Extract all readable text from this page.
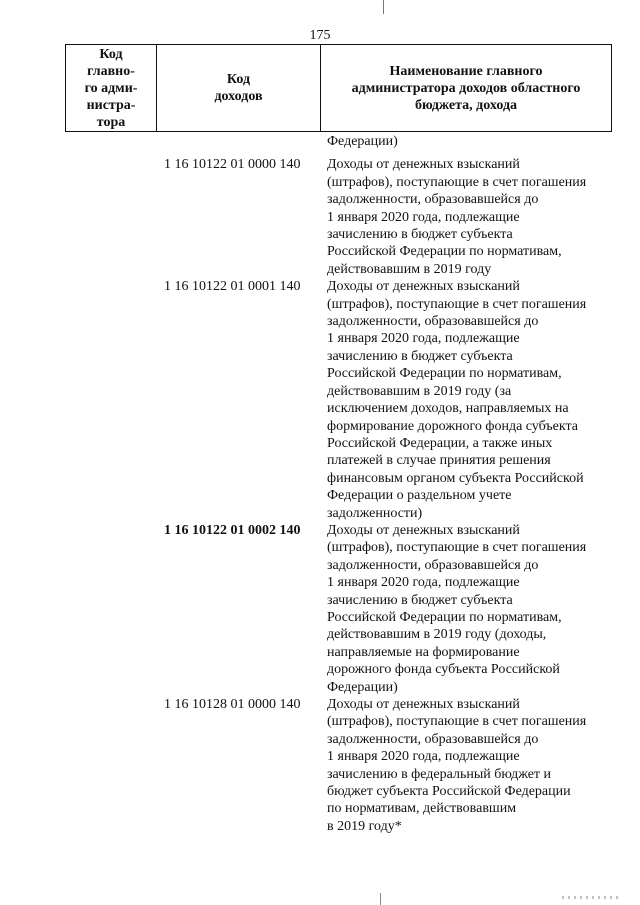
175
Код
главно-
го адми-
нистра-
тора

Код
доходов

Наименование главного
администратора доходов областного
бюджета, дохода
Федерации)
1 16 10122 01 0000 140	Доходы от денежных взысканий
(штрафов), поступающие в счет погашения
задолженности, образовавшейся до
1 января 2020 года, подлежащие
зачислению в бюджет субъекта
Российской Федерации по нормативам,
действовавшим в 2019 году
1 16 10122 01 0001 140	Доходы от денежных взысканий
(штрафов), поступающие в счет погашения
задолженности, образовавшейся до
1 января 2020 года, подлежащие
зачислению в бюджет субъекта
Российской Федерации по нормативам,
действовавшим в 2019 году (за
исключением доходов, направляемых на
формирование дорожного фонда субъекта
Российской Федерации, а также иных
платежей в случае принятия решения
финансовым органом субъекта Российской
Федерации о раздельном учете
задолженности)
1 16 10122 01 0002 140	Доходы от денежных взысканий
(штрафов), поступающие в счет погашения
задолженности, образовавшейся до
1 января 2020 года, подлежащие
зачислению в бюджет субъекта
Российской Федерации по нормативам,
действовавшим в 2019 году (доходы,
направляемые на формирование
дорожного фонда субъекта Российской
Федерации)
1 16 10128 01 0000 140	Доходы от денежных взысканий
(штрафов), поступающие в счет погашения
задолженности, образовавшейся до
1 января 2020 года, подлежащие
зачислению в федеральный бюджет и
бюджет субъекта Российской Федерации
по нормативам, действовавшим
в 2019 году*
